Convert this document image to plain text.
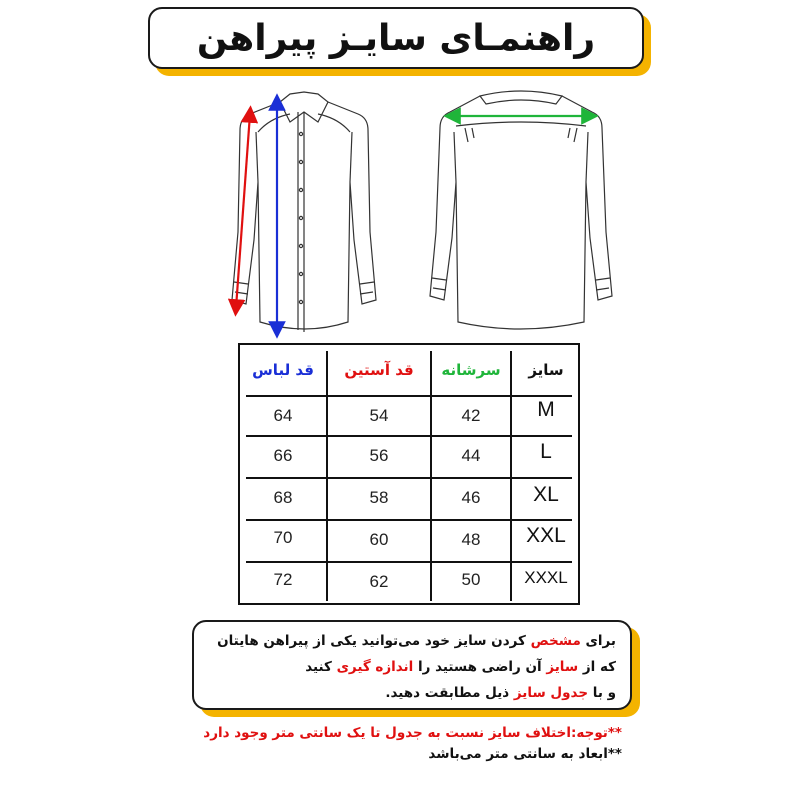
راهنمـای سایـز پیراهن
قد لباس	قد آستین	سرشانه	سایز
64	54	42	M
66	56	44	L
68	58	46	XL
70	60	48	XXL
72	62	50	XXXL
برای مشخص کردن سایز خود می‌توانید یکی از پیراهن هایتان
که از سایز آن راضی هستید را اندازه گیری کنید
و با جدول سایز ذیل مطابقت دهید.
**توجه:اختلاف سایز نسبت به جدول تا یک سانتی متر وجود دارد
**ابعاد به سانتی متر می‌باشد
